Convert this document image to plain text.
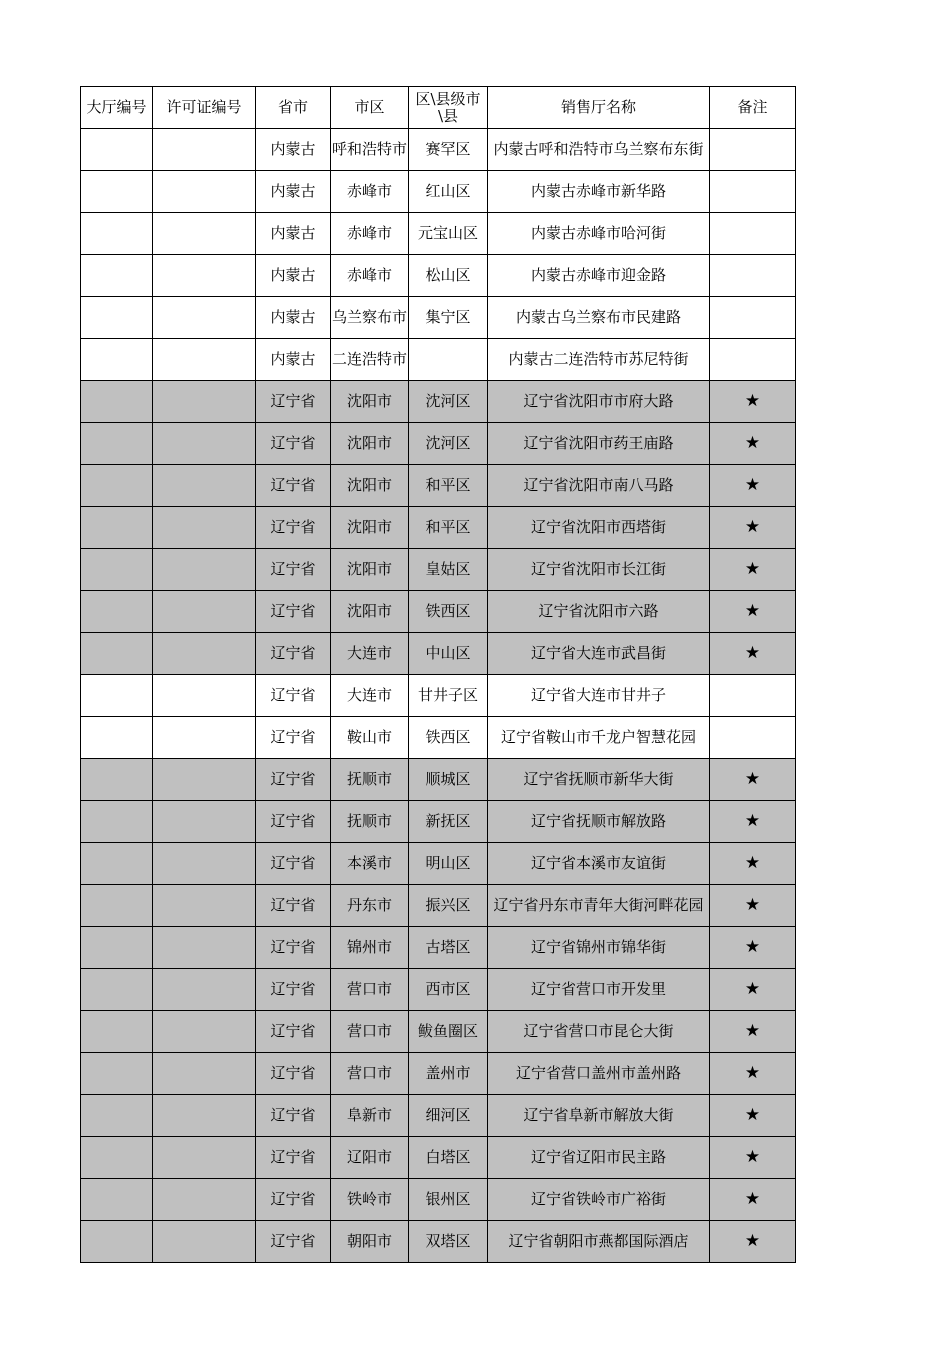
大厅编号	许可证编号	省市	市区	区\县级市\县	销售厅名称	备注
		内蒙古	呼和浩特市	赛罕区	内蒙古呼和浩特市乌兰察布东街	
		内蒙古	赤峰市	红山区	内蒙古赤峰市新华路	
		内蒙古	赤峰市	元宝山区	内蒙古赤峰市哈河街	
		内蒙古	赤峰市	松山区	内蒙古赤峰市迎金路	
		内蒙古	乌兰察布市	集宁区	内蒙古乌兰察布市民建路	
		内蒙古	二连浩特市		内蒙古二连浩特市苏尼特街	
		辽宁省	沈阳市	沈河区	辽宁省沈阳市市府大路	★
		辽宁省	沈阳市	沈河区	辽宁省沈阳市药王庙路	★
		辽宁省	沈阳市	和平区	辽宁省沈阳市南八马路	★
		辽宁省	沈阳市	和平区	辽宁省沈阳市西塔街	★
		辽宁省	沈阳市	皇姑区	辽宁省沈阳市长江街	★
		辽宁省	沈阳市	铁西区	辽宁省沈阳市六路	★
		辽宁省	大连市	中山区	辽宁省大连市武昌街	★
		辽宁省	大连市	甘井子区	辽宁省大连市甘井子	
		辽宁省	鞍山市	铁西区	辽宁省鞍山市千龙户智慧花园	
		辽宁省	抚顺市	顺城区	辽宁省抚顺市新华大街	★
		辽宁省	抚顺市	新抚区	辽宁省抚顺市解放路	★
		辽宁省	本溪市	明山区	辽宁省本溪市友谊街	★
		辽宁省	丹东市	振兴区	辽宁省丹东市青年大街河畔花园	★
		辽宁省	锦州市	古塔区	辽宁省锦州市锦华街	★
		辽宁省	营口市	西市区	辽宁省营口市开发里	★
		辽宁省	营口市	鲅鱼圈区	辽宁省营口市昆仑大街	★
		辽宁省	营口市	盖州市	辽宁省营口盖州市盖州路	★
		辽宁省	阜新市	细河区	辽宁省阜新市解放大街	★
		辽宁省	辽阳市	白塔区	辽宁省辽阳市民主路	★
		辽宁省	铁岭市	银州区	辽宁省铁岭市广裕街	★
		辽宁省	朝阳市	双塔区	辽宁省朝阳市燕都国际酒店	★
